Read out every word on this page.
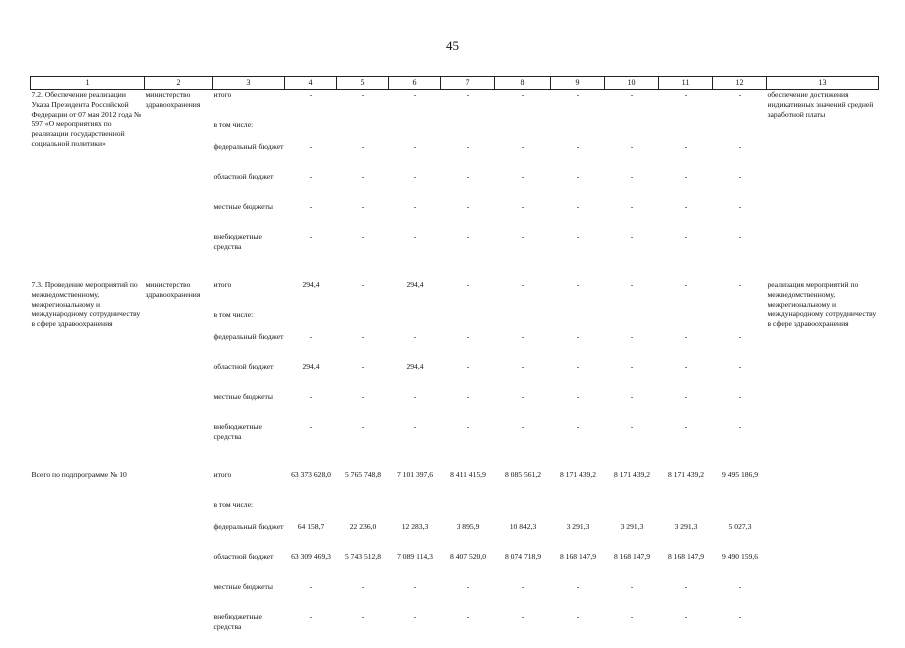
45
1	2	3	4	5	6	7	8	9	10	11	12	13
7.2. Обеспечение реализации Указа Президента Российской Федерации от 07 мая 2012 года № 597 «О мероприятиях по реализации государственной социальной политики»	министерство здравоохранения	итого	-	-	-	-	-	-	-	-	-	обеспечение достижения индикативных значений средней заработной платы
		в том числе:										
		федеральный бюджет	-	-	-	-	-	-	-	-	-	
		областной бюджет	-	-	-	-	-	-	-	-	-	
		местные бюджеты	-	-	-	-	-	-	-	-	-	
		внебюджетные средства	-	-	-	-	-	-	-	-	-	

7.3. Проведение мероприятий по межведомственному, межрегиональному и международному сотрудничеству в сфере здравоохранения	министерство здравоохранения	итого	294,4	-	294,4	-	-	-	-	-	-	реализация мероприятий по межведомственному, межрегиональному и международному сотрудничеству в сфере здравоохранения
		в том числе:										
		федеральный бюджет	-	-	-	-	-	-	-	-	-	
		областной бюджет	294,4	-	294,4	-	-	-	-	-	-	
		местные бюджеты	-	-	-	-	-	-	-	-	-	
		внебюджетные средства	-	-	-	-	-	-	-	-	-	

Всего по подпрограмме № 10		итого	63 373 628,0	5 765 748,8	7 101 397,6	8 411 415,9	8 085 561,2	8 171 439,2	8 171 439,2	8 171 439,2	9 495 186,9	
		в том числе:										
		федеральный бюджет	64 158,7	22 236,0	12 283,3	3 895,9	10 842,3	3 291,3	3 291,3	3 291,3	5 027,3	
		областной бюджет	63 309 469,3	5 743 512,8	7 089 114,3	8 407 520,0	8 074 718,9	8 168 147,9	8 168 147,9	8 168 147,9	9 490 159,6	
		местные бюджеты	-	-	-	-	-	-	-	-	-	
		внебюджетные средства	-	-	-	-	-	-	-	-	-	
